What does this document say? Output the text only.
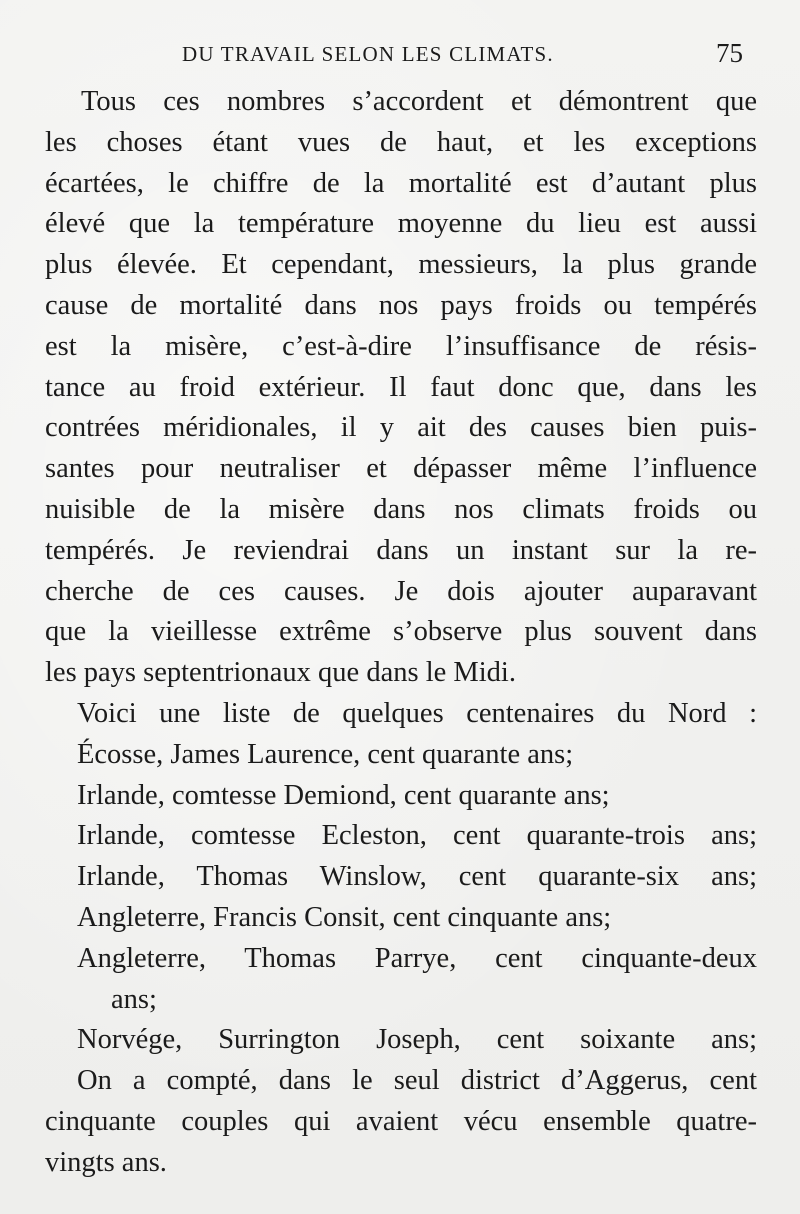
DU TRAVAIL SELON LES CLIMATS.	75
Tous ces nombres s’accordent et démontrent que
les choses étant vues de haut, et les exceptions
écartées, le chiffre de la mortalité est d’autant plus
élevé que la température moyenne du lieu est aussi
plus élevée. Et cependant, messieurs, la plus grande
cause de mortalité dans nos pays froids ou tempérés
est la misère, c’est-à-dire l’insuffisance de résis-
tance au froid extérieur. Il faut donc que, dans les
contrées méridionales, il y ait des causes bien puis-
santes pour neutraliser et dépasser même l’influence
nuisible de la misère dans nos climats froids ou
tempérés. Je reviendrai dans un instant sur la re-
cherche de ces causes. Je dois ajouter auparavant
que la vieillesse extrême s’observe plus souvent dans
les pays septentrionaux que dans le Midi.
Voici une liste de quelques centenaires du Nord :
Écosse, James Laurence, cent quarante ans;
Irlande, comtesse Demiond, cent quarante ans;
Irlande, comtesse Ecleston, cent quarante-trois ans;
Irlande, Thomas Winslow, cent quarante-six ans;
Angleterre, Francis Consit, cent cinquante ans;
Angleterre, Thomas Parrye, cent cinquante-deux
ans;
Norvége, Surrington Joseph, cent soixante ans;
On a compté, dans le seul district d’Aggerus, cent
cinquante couples qui avaient vécu ensemble quatre-
vingts ans.
